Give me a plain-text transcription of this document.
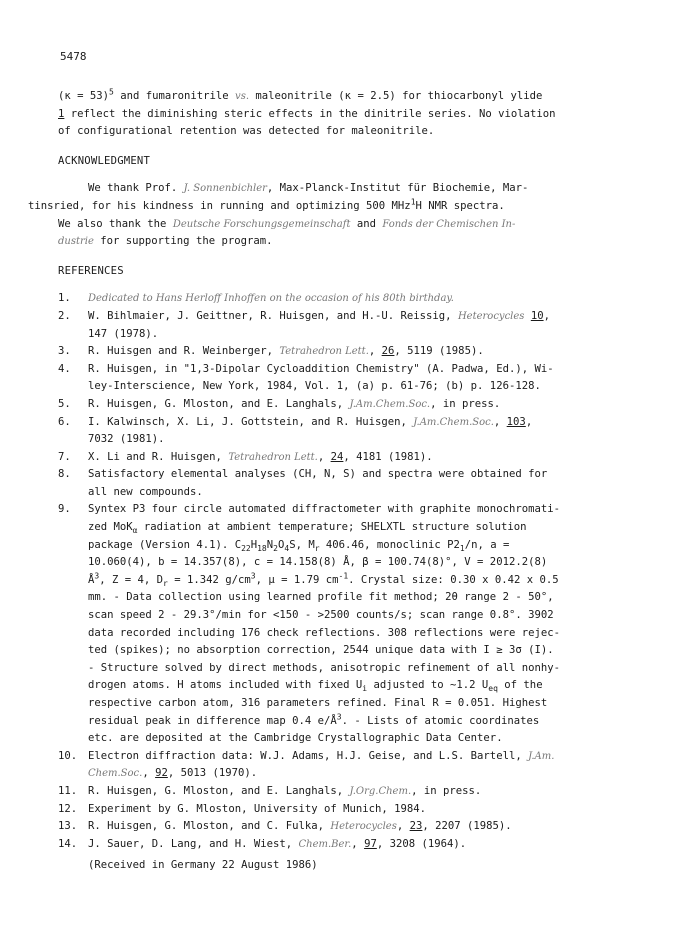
5478

(κ = 53)$^5$ and fumaronitrile vs. maleonitrile (κ = 2.5) for thiocarbonyl ylide
1 reflect the diminishing steric effects in the dinitrile series. No violation
of configurational retention was detected for maleonitrile.

ACKNOWLEDGMENT

We thank Prof. J. Sonnenbichler, Max-Planck-Institut für Biochemie, Mar-
tinsried, for his kindness in running and optimizing 500 MHz$^1$H NMR spectra.
We also thank the Deutsche Forschungsgemeinschaft and Fonds der Chemischen In-
dustrie for supporting the program.

REFERENCES
1.	Dedicated to Hans Herloff Inhoffen on the occasion of his 80th birthday.
2.	W. Bihlmaier, J. Geittner, R. Huisgen, and H.-U. Reissig, Heterocycles 10,
147 (1978).
3.	R. Huisgen and R. Weinberger, Tetrahedron Lett., 26, 5119 (1985).
4.	R. Huisgen, in "1,3-Dipolar Cycloaddition Chemistry" (A. Padwa, Ed.), Wi-
ley-Interscience, New York, 1984, Vol. 1, (a) p. 61-76; (b) p. 126-128.
5.	R. Huisgen, G. Mloston, and E. Langhals, J.Am.Chem.Soc., in press.
6.	I. Kalwinsch, X. Li, J. Gottstein, and R. Huisgen, J.Am.Chem.Soc., 103,
7032 (1981).
7.	X. Li and R. Huisgen, Tetrahedron Lett., 24, 4181 (1981).
8.	Satisfactory elemental analyses (CH, N, S) and spectra were obtained for
all new compounds.
9.	Syntex P3 four circle automated diffractometer with graphite monochromati-
zed MoK$_\alpha$ radiation at ambient temperature; SHELXTL structure solution
package (Version 4.1). $C_{22}H_{18}N_2O_4S$, $M_r$ 406.46, monoclinic $P2_1/n$, a =
10.060(4), b = 14.357(8), c = 14.158(8) Å, β = 100.74(8)°, V = 2012.2(8)
$Å^3$, Z = 4, $D_r = 1.342$ $g/cm^3$, μ = 1.79 $cm^{-1}$. Crystal size: 0.30 x 0.42 x 0.5
mm. - Data collection using learned profile fit method; 2θ range 2 - 50°,
scan speed 2 - 29.3°/min for <150 - >2500 counts/s; scan range 0.8°. 3902
data recorded including 176 check reflections. 308 reflections were rejec-
ted (spikes); no absorption correction, 2544 unique data with I ≥ 3σ (I).
- Structure solved by direct methods, anisotropic refinement of all nonhy-
drogen atoms. H atoms included with fixed $U_i$ adjusted to ~1.2 $U_{eq}$ of the
respective carbon atom, 316 parameters refined. Final R = 0.051. Highest
residual peak in difference map 0.4 $e/Å^3$. - Lists of atomic coordinates
etc. are deposited at the Cambridge Crystallographic Data Center.
10.	Electron diffraction data: W.J. Adams, H.J. Geise, and L.S. Bartell, J.Am.
Chem.Soc., 92, 5013 (1970).
11.	R. Huisgen, G. Mloston, and E. Langhals, J.Org.Chem., in press.
12.	Experiment by G. Mloston, University of Munich, 1984.
13.	R. Huisgen, G. Mloston, and C. Fulka, Heterocycles, 23, 2207 (1985).
14.	J. Sauer, D. Lang, and H. Wiest, Chem.Ber., 97, 3208 (1964).
(Received in Germany 22 August 1986)
